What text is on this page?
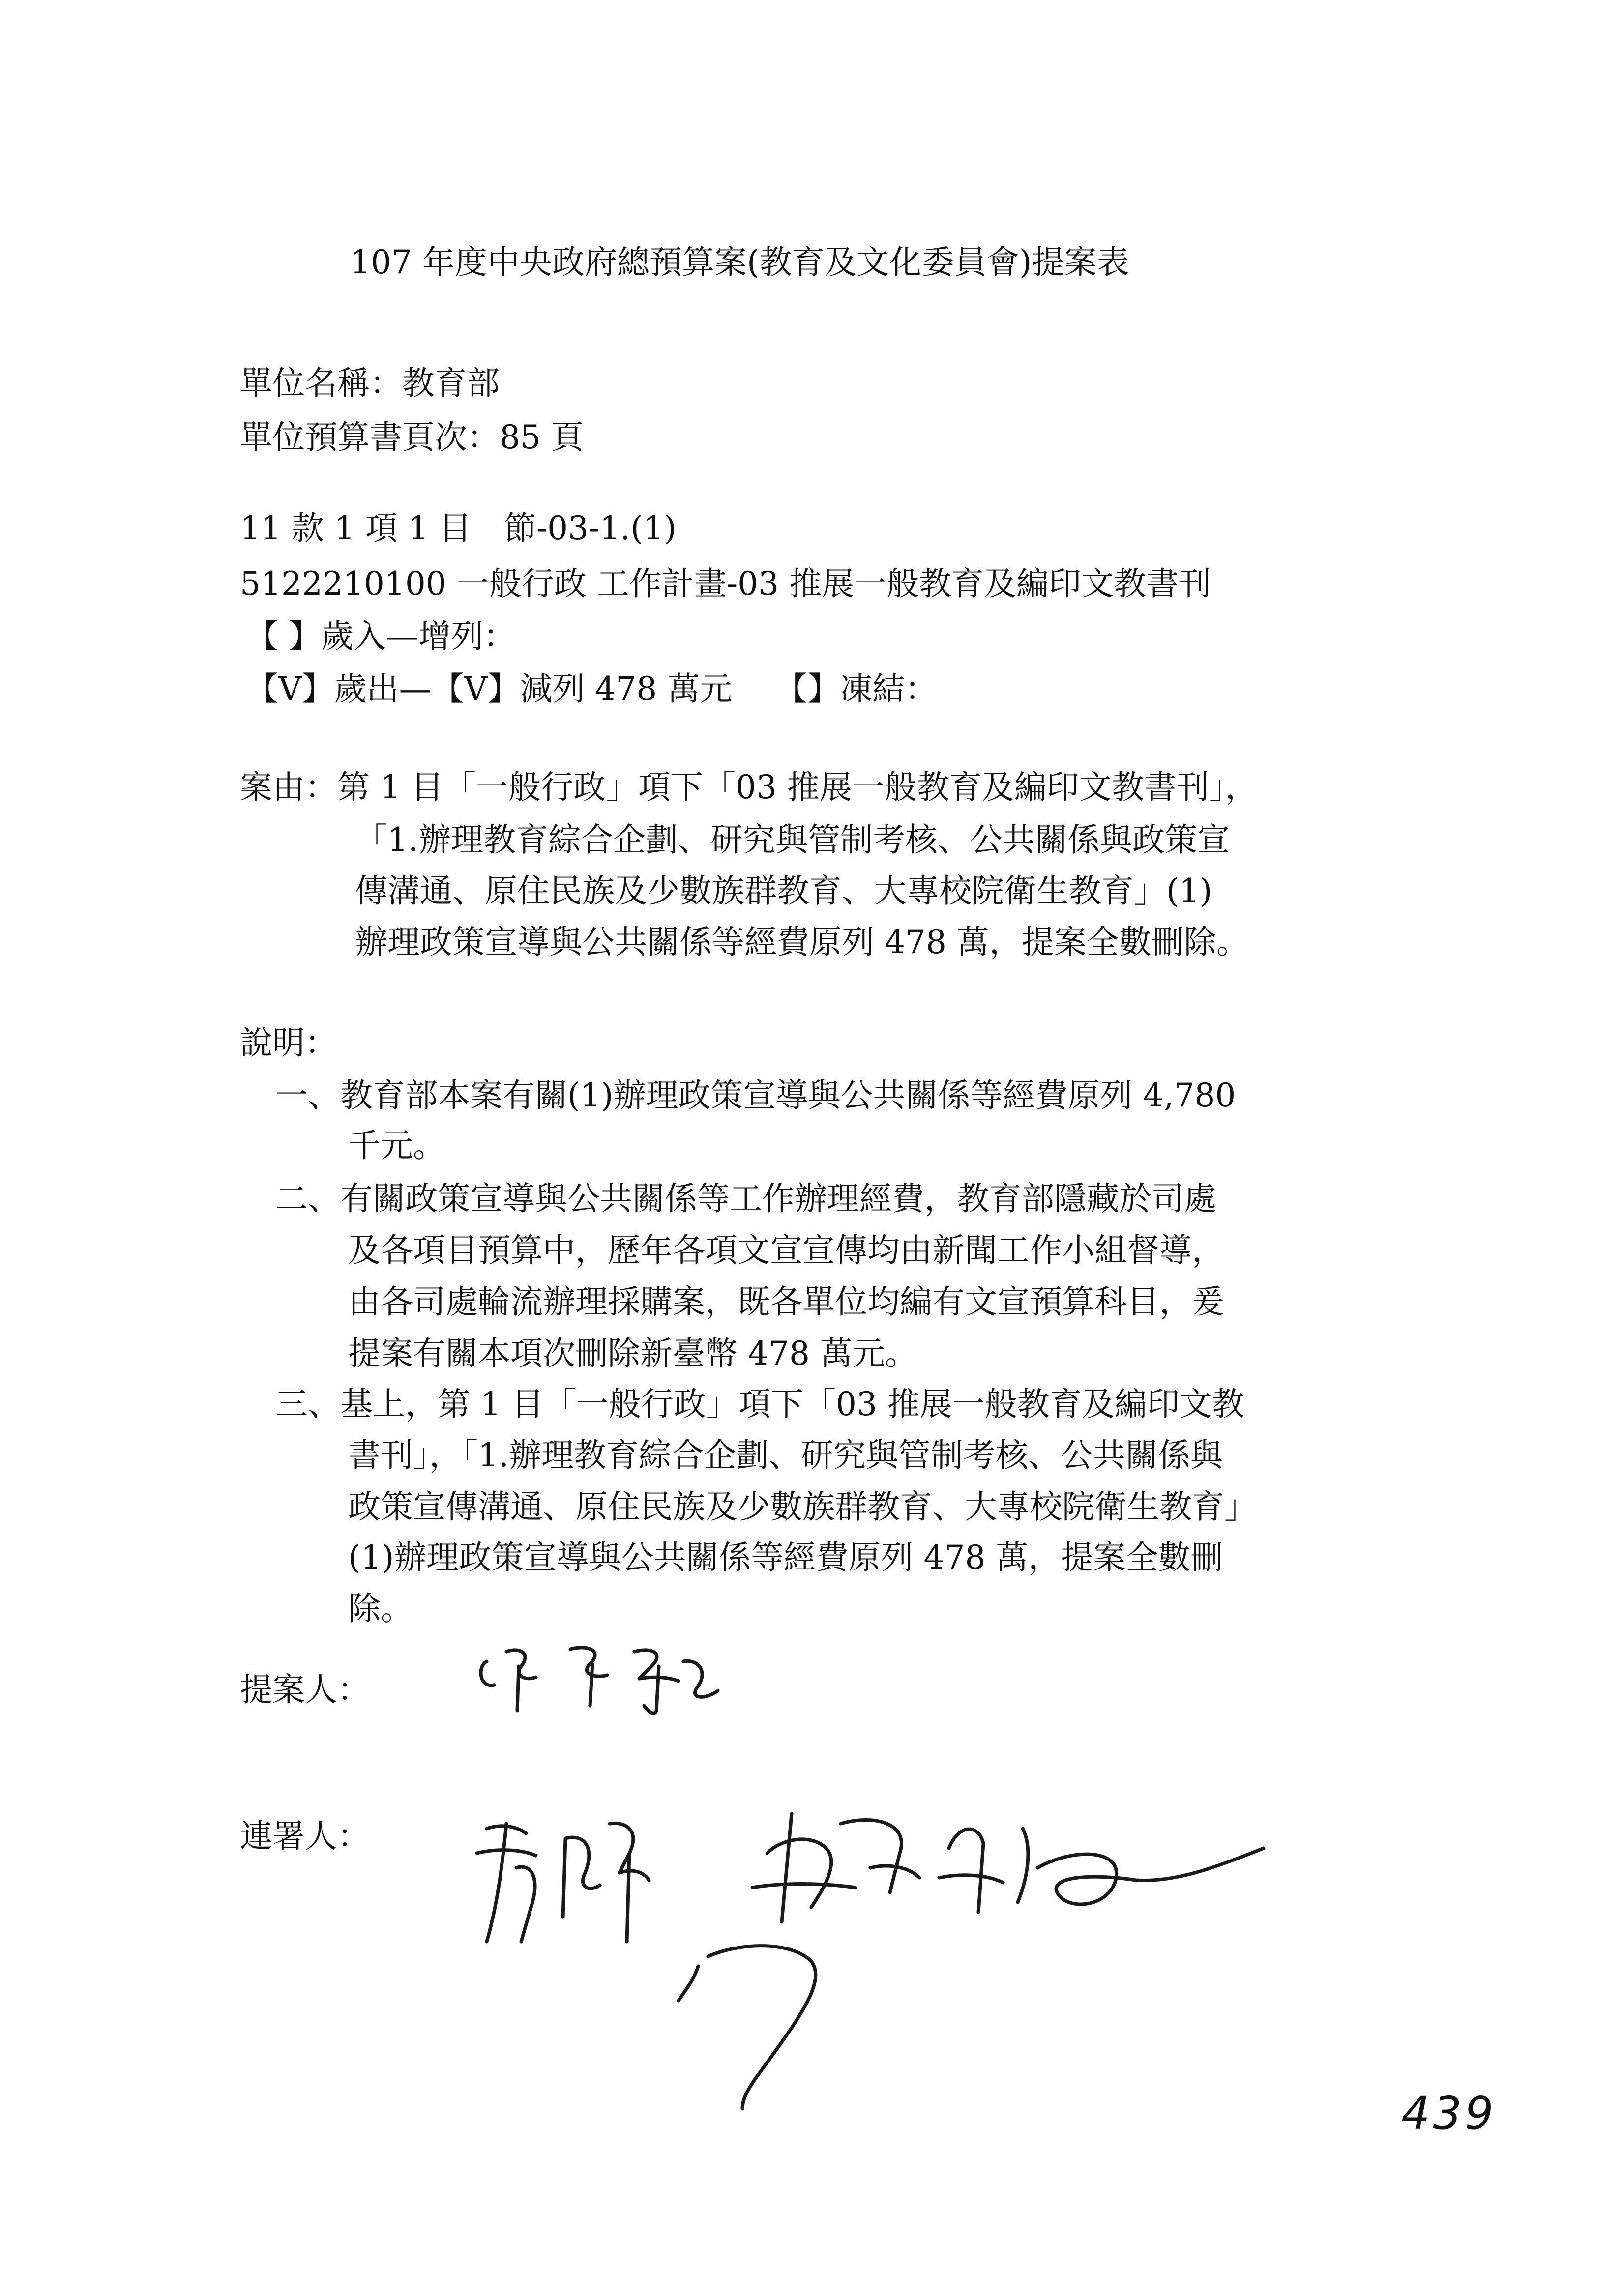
107 年度中央政府總預算案(教育及文化委員會)提案表
單位名稱：教育部
單位預算書頁次：85 頁
11 款 1 項 1 目　節-03-1.(1)
5122210100 一般行政 工作計畫-03 推展一般教育及編印文教書刊
【 】歲入—增列：
【V】歲出—【V】減列 478 萬元　 【】凍結：
案由：第 1 目「一般行政」項下「03 推展一般教育及編印文教書刊」，
「1.辦理教育綜合企劃、研究與管制考核、公共關係與政策宣
傳溝通、原住民族及少數族群教育、大專校院衛生教育」(1)
辦理政策宣導與公共關係等經費原列 478 萬，提案全數刪除。
說明：
一、教育部本案有關(1)辦理政策宣導與公共關係等經費原列 4,780
千元。
二、有關政策宣導與公共關係等工作辦理經費，教育部隱藏於司處
及各項目預算中，歷年各項文宣宣傳均由新聞工作小組督導，
由各司處輪流辦理採購案，既各單位均編有文宣預算科目，爰
提案有關本項次刪除新臺幣 478 萬元。
三、基上，第 1 目「一般行政」項下「03 推展一般教育及編印文教
書刊」，「1.辦理教育綜合企劃、研究與管制考核、公共關係與
政策宣傳溝通、原住民族及少數族群教育、大專校院衛生教育」
(1)辦理政策宣導與公共關係等經費原列 478 萬，提案全數刪
除。
提案人：
連署人：
439
